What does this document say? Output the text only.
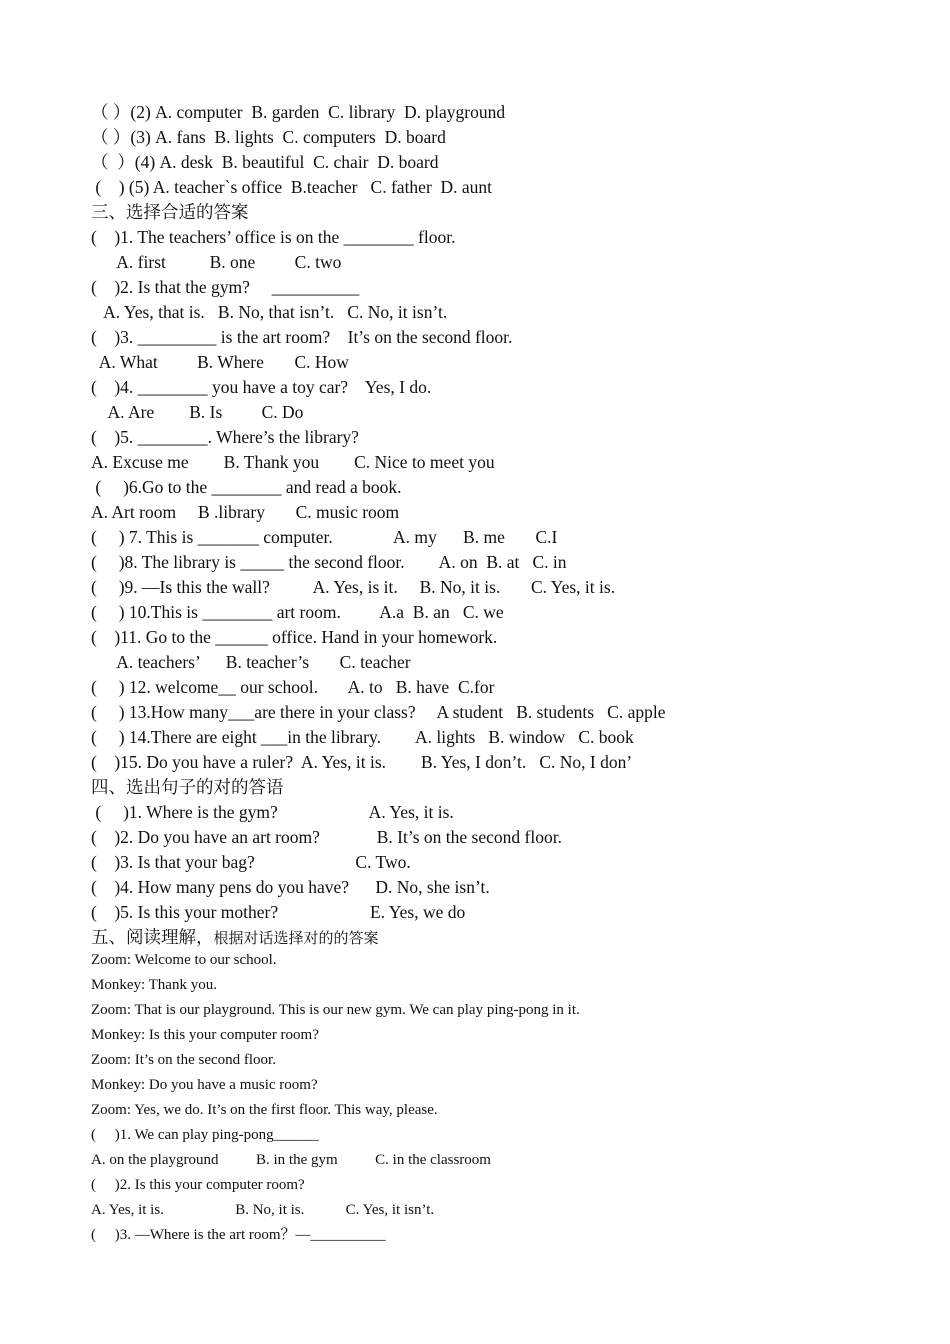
（ ）(2) A. computer  B. garden  C. library  D. playground
（ ）(3) A. fans  B. lights  C. computers  D. board
（  ）(4) A. desk  B. beautiful  C. chair  D. board
(    ) (5) A. teacher`s office  B.teacher   C. father  D. aunt
三、选择合适的答案
(    )1. The teachers’ office is on the ________ floor.
A. first          B. one         C. two
(    )2. Is that the gym?     __________
A. Yes, that is.   B. No, that isn’t.   C. No, it isn’t.
(    )3. _________ is the art room?    It’s on the second floor.
A. What         B. Where       C. How
(    )4. ________ you have a toy car?    Yes, I do.
A. Are        B. Is         C. Do
(    )5. ________. Where’s the library?
A. Excuse me        B. Thank you        C. Nice to meet you
(     )6.Go to the ________ and read a book.
A. Art room     B .library       C. music room
(     ) 7. This is _______ computer.              A. my      B. me       C.I
(     )8. The library is _____ the second floor.        A. on  B. at   C. in
(     )9. —Is this the wall?          A. Yes, is it.     B. No, it is.       C. Yes, it is.
(     ) 10.This is ________ art room.         A.a  B. an   C. we
(    )11. Go to the ______ office. Hand in your homework.
A. teachers’      B. teacher’s       C. teacher
(     ) 12. welcome__ our school.       A. to   B. have  C.for
(     ) 13.How many___are there in your class?     A student   B. students   C. apple
(     ) 14.There are eight ___in the library.        A. lights   B. window   C. book
(    )15. Do you have a ruler?  A. Yes, it is.        B. Yes, I don’t.   C. No, I don’
四、选出句子的对的答语
(     )1. Where is the gym?                     A. Yes, it is.
(    )2. Do you have an art room?             B. It’s on the second floor.
(    )3. Is that your bag?                       C. Two.
(    )4. How many pens do you have?      D. No, she isn’t.
(    )5. Is this your mother?                     E. Yes, we do
五、阅读理解，根据对话选择对的的答案
Zoom: Welcome to our school.
Monkey: Thank you.
Zoom: That is our playground. This is our new gym. We can play ping-pong in it.
Monkey: Is this your computer room?
Zoom: It’s on the second floor.
Monkey: Do you have a music room?
Zoom: Yes, we do. It’s on the first floor. This way, please.
(     )1. We can play ping-pong______
A. on the playground          B. in the gym          C. in the classroom
(     )2. Is this your computer room?
A. Yes, it is.                   B. No, it is.           C. Yes, it isn’t.
(     )3. —Where is the art room？—__________
